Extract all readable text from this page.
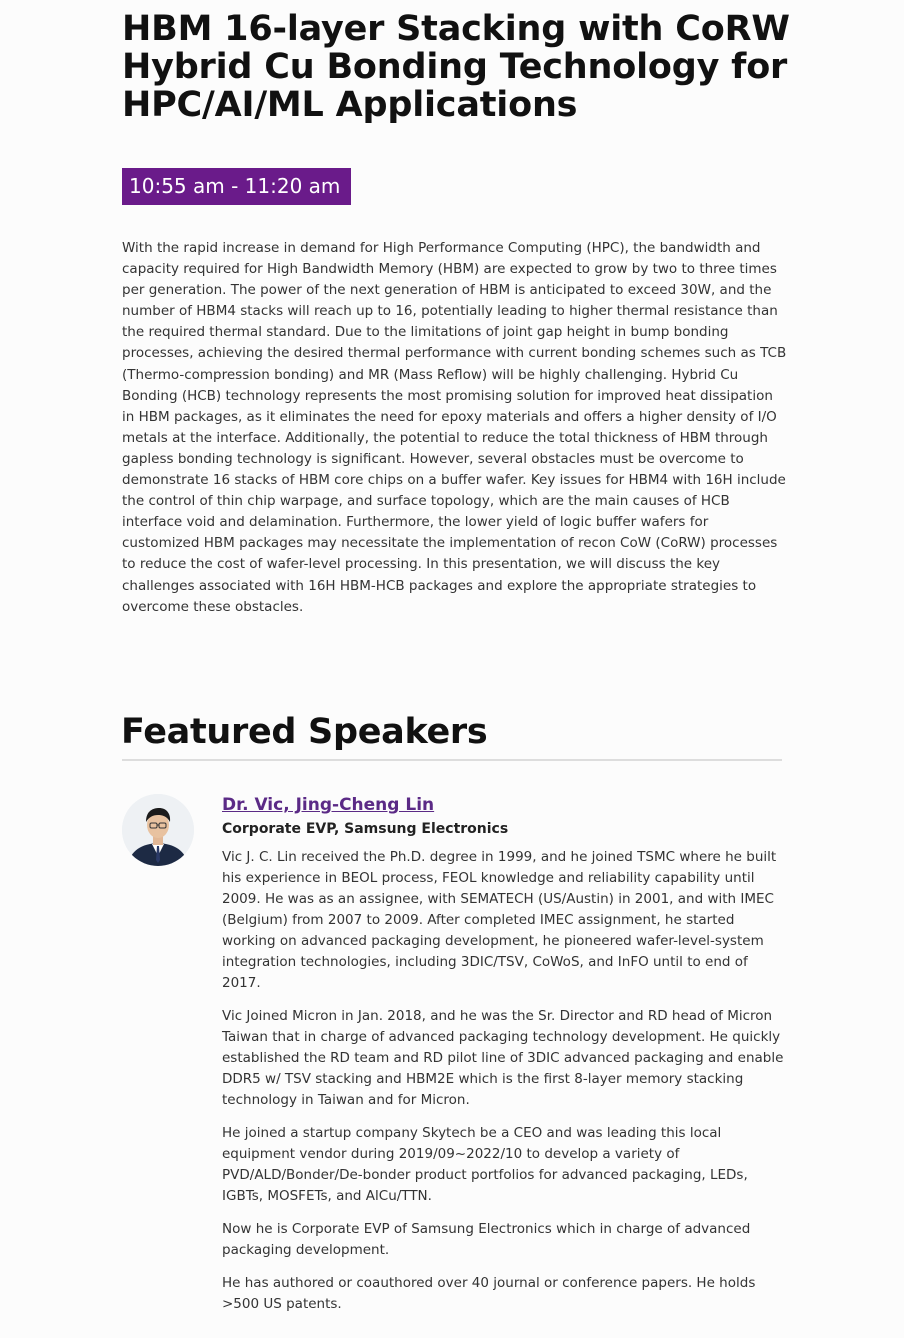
HBM 16-layer Stacking with CoRW Hybrid Cu Bonding Technology for HPC/AI/ML Applications
10:55 am - 11:20 am

With the rapid increase in demand for High Performance Computing (HPC), the bandwidth and capacity required for High Bandwidth Memory (HBM) are expected to grow by two to three times per generation. The power of the next generation of HBM is anticipated to exceed 30W, and the number of HBM4 stacks will reach up to 16, potentially leading to higher thermal resistance than the required thermal standard. Due to the limitations of joint gap height in bump bonding processes, achieving the desired thermal performance with current bonding schemes such as TCB (Thermo-compression bonding) and MR (Mass Reflow) will be highly challenging. Hybrid Cu Bonding (HCB) technology represents the most promising solution for improved heat dissipation in HBM packages, as it eliminates the need for epoxy materials and offers a higher density of I/O metals at the interface. Additionally, the potential to reduce the total thickness of HBM through gapless bonding technology is significant. However, several obstacles must be overcome to demonstrate 16 stacks of HBM core chips on a buffer wafer. Key issues for HBM4 with 16H include the control of thin chip warpage, and surface topology, which are the main causes of HCB interface void and delamination. Furthermore, the lower yield of logic buffer wafers for customized HBM packages may necessitate the implementation of recon CoW (CoRW) processes to reduce the cost of wafer-level processing. In this presentation, we will discuss the key challenges associated with 16H HBM-HCB packages and explore the appropriate strategies to overcome these obstacles.

Featured Speakers
Dr. Vic, Jing-Cheng Lin
Corporate EVP, Samsung Electronics

Vic J. C. Lin received the Ph.D. degree in 1999, and he joined TSMC where he built his experience in BEOL process, FEOL knowledge and reliability capability until 2009. He was as an assignee, with SEMATECH (US/Austin) in 2001, and with IMEC (Belgium) from 2007 to 2009. After completed IMEC assignment, he started working on advanced packaging development, he pioneered wafer-level-system integration technologies, including 3DIC/TSV, CoWoS, and InFO until to end of 2017.

Vic Joined Micron in Jan. 2018, and he was the Sr. Director and RD head of Micron Taiwan that in charge of advanced packaging technology development. He quickly established the RD team and RD pilot line of 3DIC advanced packaging and enable DDR5 w/ TSV stacking and HBM2E which is the first 8-layer memory stacking technology in Taiwan and for Micron.

He joined a startup company Skytech be a CEO and was leading this local equipment vendor during 2019/09~2022/10 to develop a variety of PVD/ALD/Bonder/De-bonder product portfolios for advanced packaging, LEDs, IGBTs, MOSFETs, and AlCu/TTN.

Now he is Corporate EVP of Samsung Electronics which in charge of advanced packaging development.

He has authored or coauthored over 40 journal or conference papers. He holds >500 US patents.
